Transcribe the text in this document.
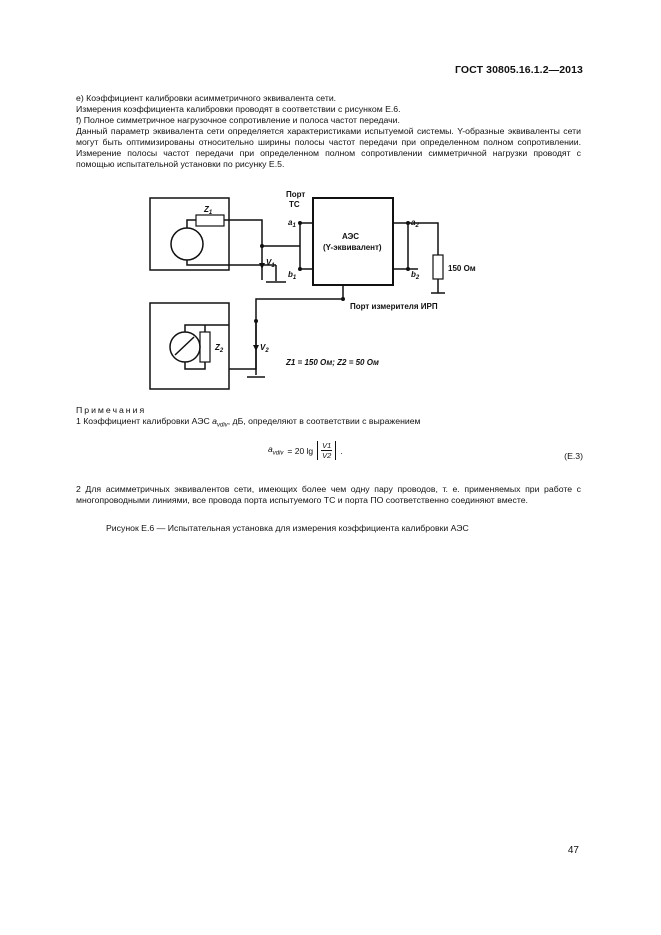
ГОСТ 30805.16.1.2—2013

е) Коэффициент калибровки асимметричного эквивалента сети.

Измерения коэффициента калибровки проводят в соответствии с рисунком Е.6.

f) Полное симметричное нагрузочное сопротивление и полоса частот передачи.

Данный параметр эквивалента сети определяется характеристиками испытуемой системы. Y-образные эквиваленты сети могут быть оптимизированы относительно ширины полосы частот передачи при определенном полном сопротивлении. Измерение полосы частот передачи при определенном полном сопротивлении симметричной нагрузки проводят с помощью испытательной установки по рисунку Е.5.

Порт
ТС
АЭС
(Y-эквивалент)
$a_1$
$b_1$
$a_2$
$b_2$
$Z_1$
$Z_2$
$V_1$
$V_2$
150 Ом
Порт измерителя ИРП
Z1 = 150 Ом; Z2 = 50 Ом
Примечания

1 Коэффициент калибровки АЭС $a_{vdiv}$, дБ, определяют в соответствии с выражением

$a_{vdiv} = 20$ $\lg \frac{V1}{V2}$ .
(Е.3)

2 Для асимметричных эквивалентов сети, имеющих более чем одну пару проводов, т. е. применяемых при работе с многопроводными линиями, все провода порта испытуемого ТС и порта ПО соответственно соединяют вместе.

Рисунок Е.6 — Испытательная установка для измерения коэффициента калибровки АЭС
47
